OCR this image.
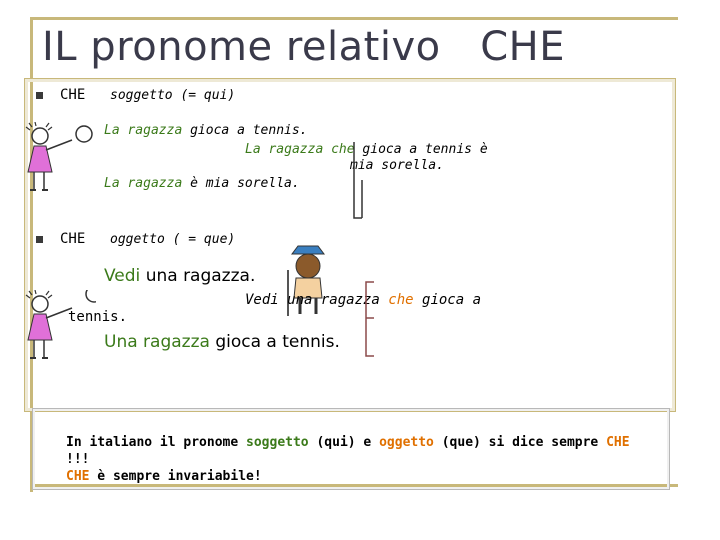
IL pronome relativo CHE
CHE soggetto (= qui)
La ragazza gioca a tennis.
La ragazza che gioca a tennis è
mia sorella.
La ragazza è mia sorella.
CHE oggetto ( = que)
Vedi una ragazza.
Vedi una ragazza che gioca a
tennis.
Una ragazza gioca a tennis.
In italiano il pronome soggetto (qui) e oggetto (que) si dice sempre CHE !!!
CHE è sempre invariabile!
